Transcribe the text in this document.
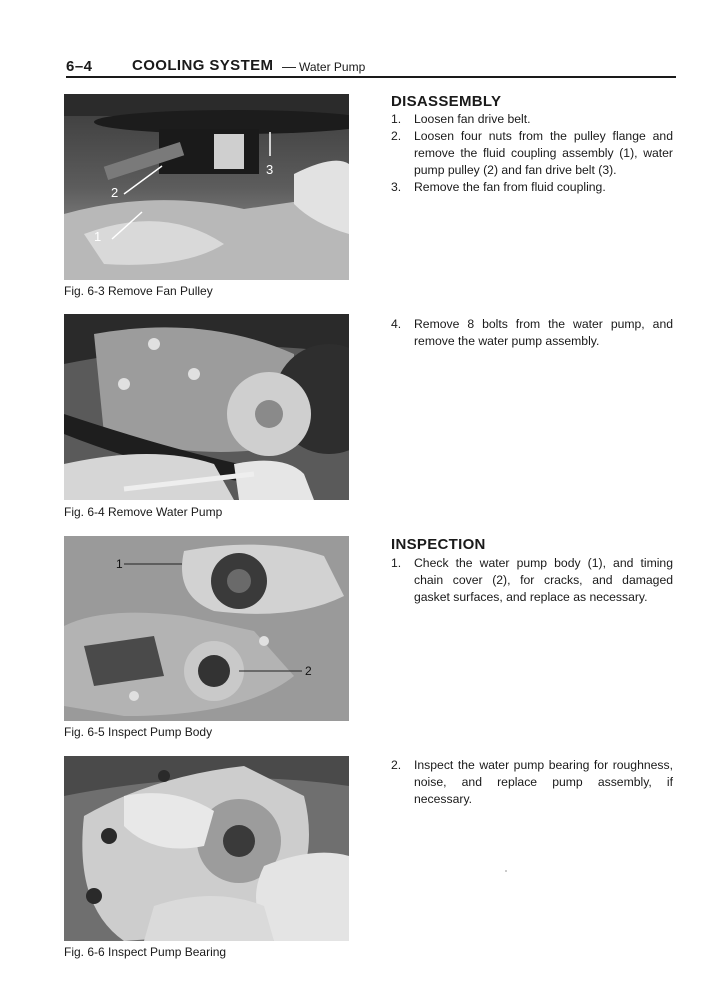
6–4	COOLING SYSTEM — Water Pump
1
2
3
Fig. 6-3 Remove Fan Pulley
Fig. 6-4 Remove Water Pump
1
2
Fig. 6-5 Inspect Pump Body
Fig. 6-6 Inspect Pump Bearing
DISASSEMBLY
1. Loosen fan drive belt.
2. Loosen four nuts from the pulley flange and remove the fluid coupling assembly (1), water pump pulley (2) and fan drive belt (3).
3. Remove the fan from fluid coupling.
4. Remove 8 bolts from the water pump, and remove the water pump assembly.
INSPECTION
1. Check the water pump body (1), and timing chain cover (2), for cracks, and damaged gasket surfaces, and replace as necessary.
2. Inspect the water pump bearing for roughness, noise, and replace pump assembly, if necessary.
